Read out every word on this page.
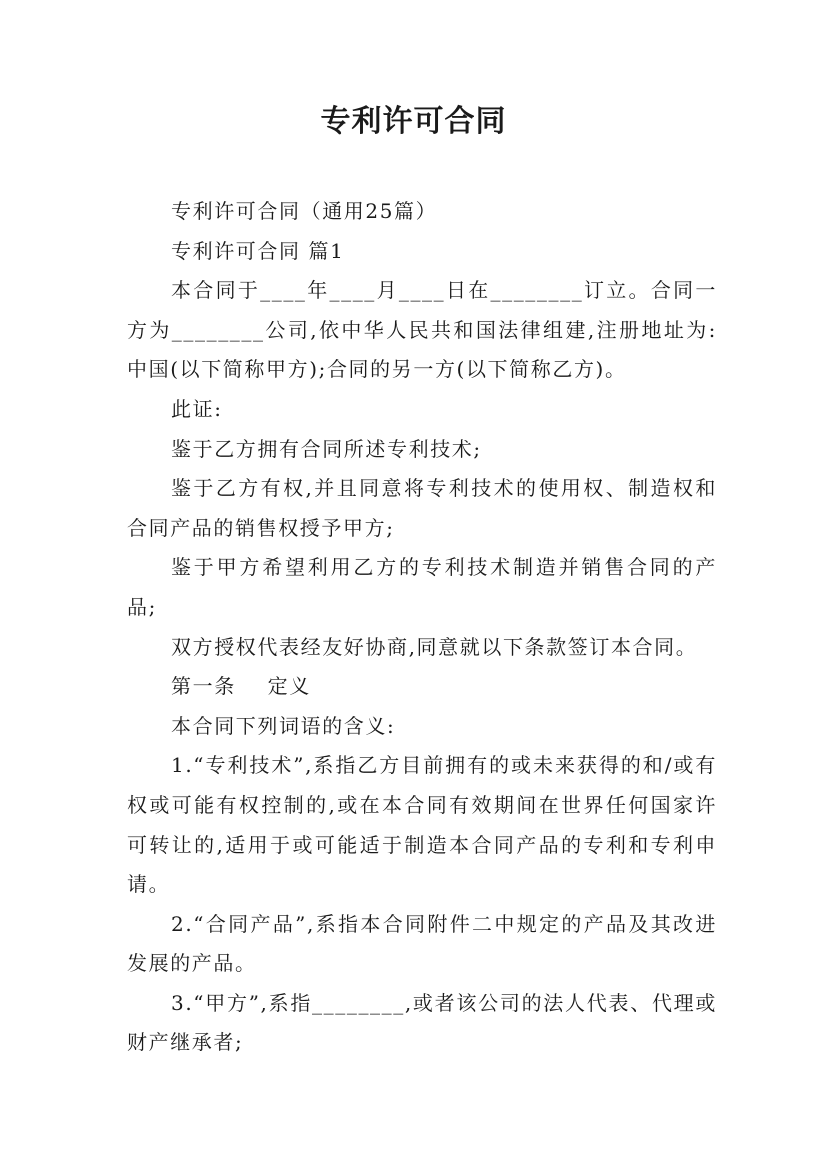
专利许可合同

专利许可合同（通用25篇）

专利许可合同 篇1

本合同于____年____月____日在________订立。合同一方为________公司,依中华人民共和国法律组建,注册地址为:中国(以下简称甲方);合同的另一方(以下简称乙方)。

此证:

鉴于乙方拥有合同所述专利技术;

鉴于乙方有权,并且同意将专利技术的使用权、制造权和合同产品的销售权授予甲方;

鉴于甲方希望利用乙方的专利技术制造并销售合同的产品;

双方授权代表经友好协商,同意就以下条款签订本合同。

第一条    定义

本合同下列词语的含义:

1.“专利技术”,系指乙方目前拥有的或未来获得的和/或有权或可能有权控制的,或在本合同有效期间在世界任何国家许可转让的,适用于或可能适于制造本合同产品的专利和专利申请。

2.“合同产品”,系指本合同附件二中规定的产品及其改进发展的产品。

3.“甲方”,系指________,或者该公司的法人代表、代理或财产继承者;
